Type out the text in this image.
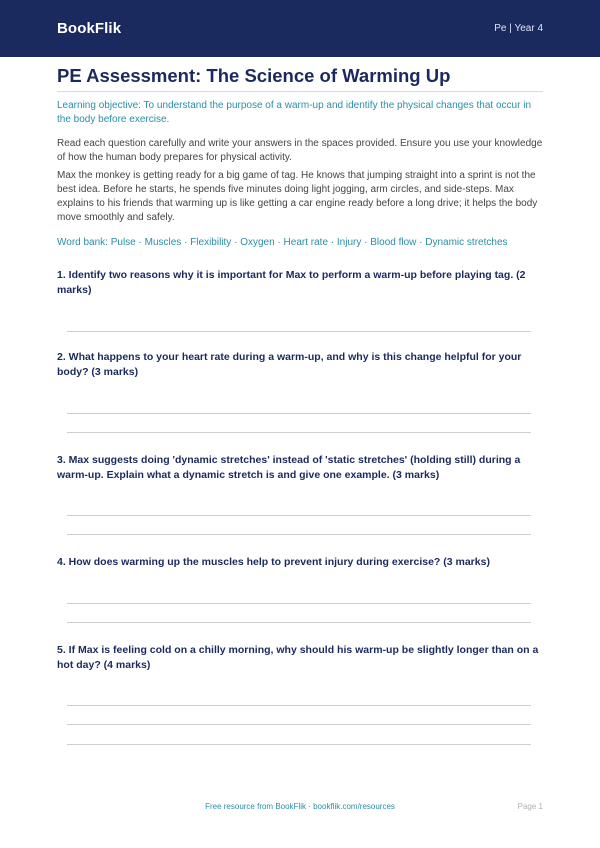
BookFlik	Pe | Year 4
PE Assessment: The Science of Warming Up

Learning objective: To understand the purpose of a warm-up and identify the physical changes that occur in the body before exercise.

Read each question carefully and write your answers in the spaces provided. Ensure you use your knowledge of how the human body prepares for physical activity.

Max the monkey is getting ready for a big game of tag. He knows that jumping straight into a sprint is not the best idea. Before he starts, he spends five minutes doing light jogging, arm circles, and side-steps. Max explains to his friends that warming up is like getting a car engine ready before a long drive; it helps the body move smoothly and safely.

Word bank: Pulse · Muscles · Flexibility · Oxygen · Heart rate · Injury · Blood flow · Dynamic stretches

1. Identify two reasons why it is important for Max to perform a warm-up before playing tag. (2 marks)

2. What happens to your heart rate during a warm-up, and why is this change helpful for your body? (3 marks)

3. Max suggests doing 'dynamic stretches' instead of 'static stretches' (holding still) during a warm-up. Explain what a dynamic stretch is and give one example. (3 marks)

4. How does warming up the muscles help to prevent injury during exercise? (3 marks)

5. If Max is feeling cold on a chilly morning, why should his warm-up be slightly longer than on a hot day? (4 marks)

Free resource from BookFlik · bookflik.com/resources	Page 1
